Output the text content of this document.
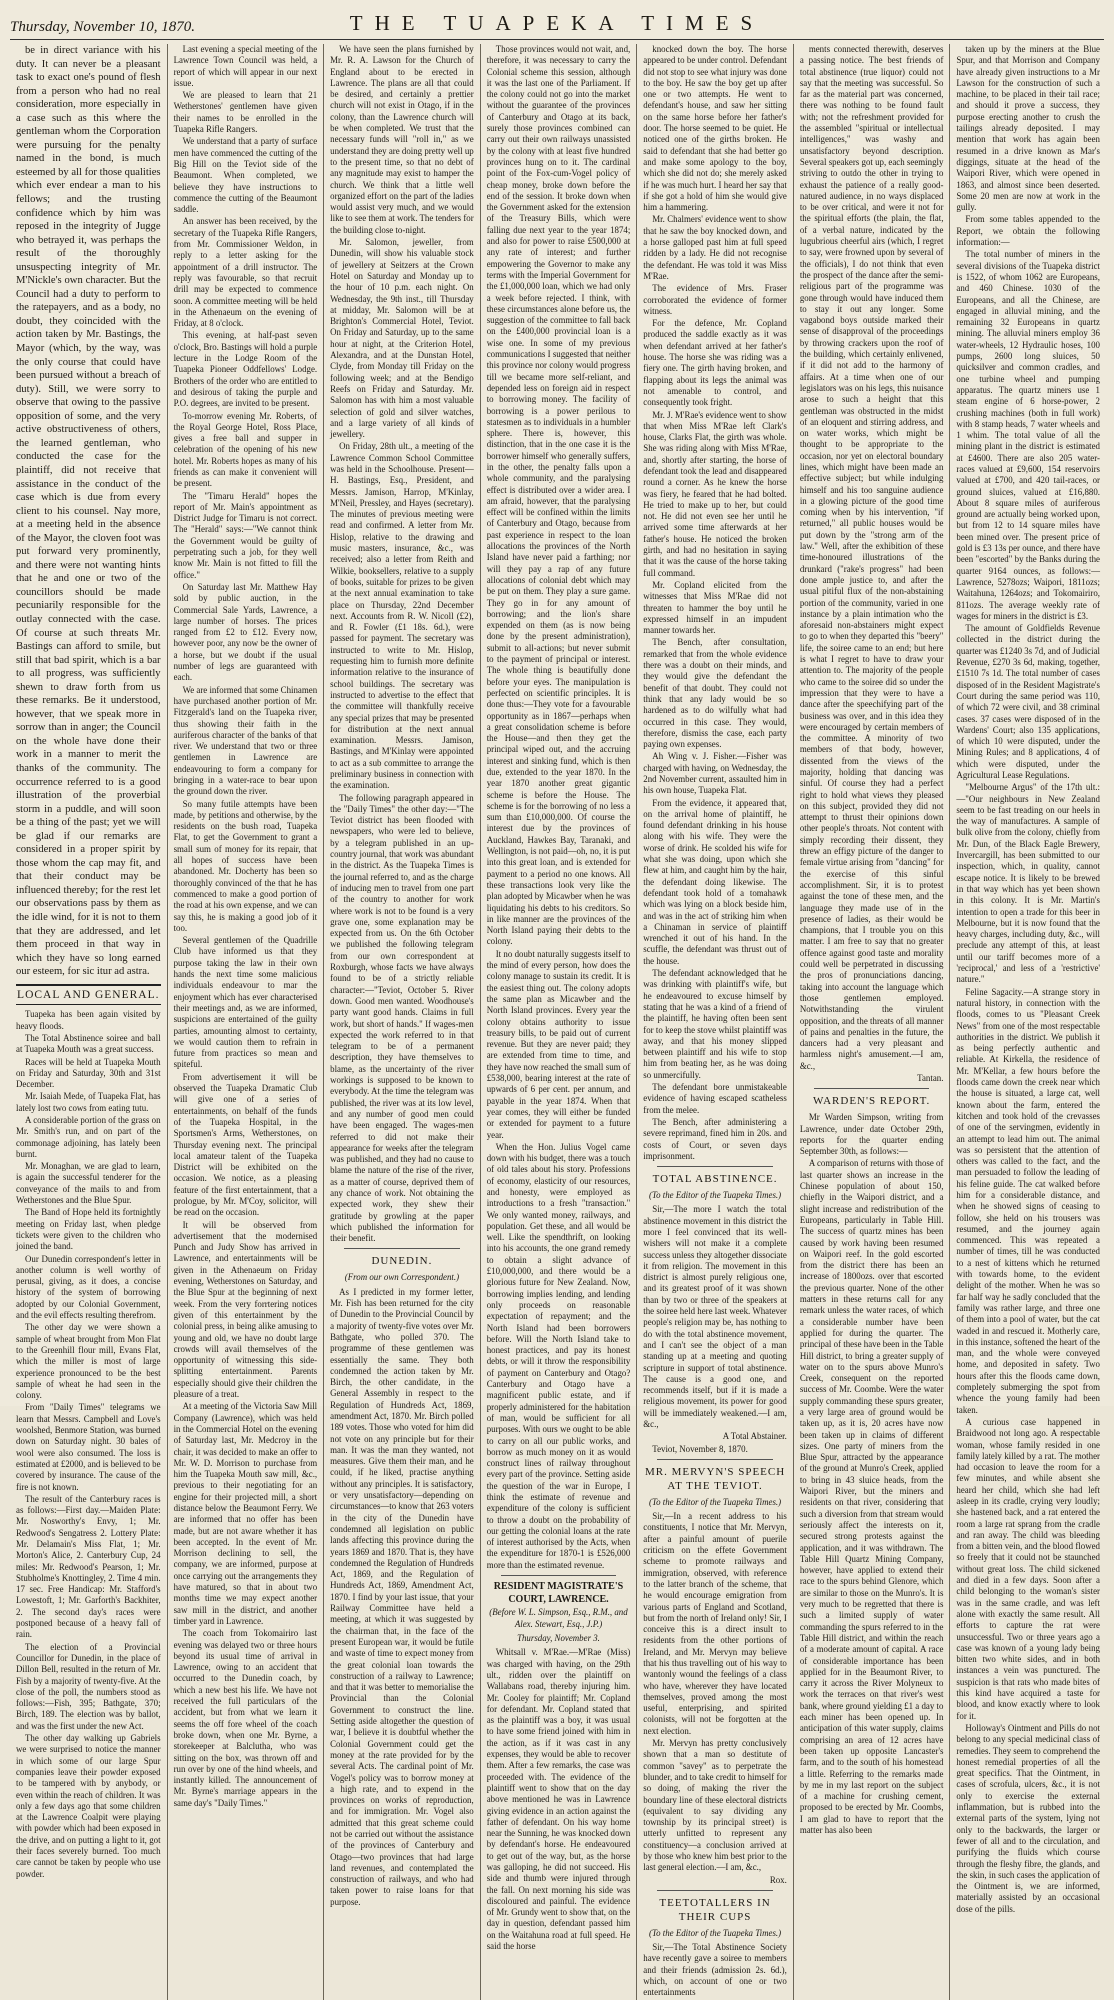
Thursday, November 10, 1870.	THE TUAPEKA TIMES

be in direct variance with his duty. It can never be a pleasant task to exact one's pound of flesh from a person who had no real consideration, more especially in a case such as this where the gentleman whom the Corporation were pursuing for the penalty named in the bond, is much esteemed by all for those qualities which ever endear a man to his fellows; and the trusting confidence which by him was reposed in the integrity of Jugge who betrayed it, was perhaps the result of the thoroughly unsuspecting integrity of Mr. M'Nickle's own character. But the Council had a duty to perform to the ratepayers, and as a body, no doubt, they coincided with the action taken by Mr. Bastings, the Mayor (which, by the way, was the only course that could have been pursued without a breach of duty). Still, we were sorry to observe that owing to the passive opposition of some, and the very active obstructiveness of others, the learned gentleman, who conducted the case for the plaintiff, did not receive that assistance in the conduct of the case which is due from every client to his counsel. Nay more, at a meeting held in the absence of the Mayor, the cloven foot was put forward very prominently, and there were not wanting hints that he and one or two of the councillors should be made pecuniarily responsible for the outlay connected with the case. Of course at such threats Mr. Bastings can afford to smile, but still that bad spirit, which is a bar to all progress, was sufficiently shewn to draw forth from us these remarks. Be it understood, however, that we speak more in sorrow than in anger; the Council on the whole have done their work in a manner to merit the thanks of the community. The occurrence referred to is a good illustration of the proverbial storm in a puddle, and will soon be a thing of the past; yet we will be glad if our remarks are considered in a proper spirit by those whom the cap may fit, and that their conduct may be influenced thereby; for the rest let our observations pass by them as the idle wind, for it is not to them that they are addressed, and let them proceed in that way in which they have so long earned our esteem, for sic itur ad astra.

LOCAL AND GENERAL.

Tuapeka has been again visited by heavy floods.

The Total Abstinence soiree and ball at Tuapeka Mouth was a great success.

Races will be held at Tuapeka Mouth on Friday and Saturday, 30th and 31st December.

Mr. Isaiah Mede, of Tuapeka Flat, has lately lost two cows from eating tutu.

A considerable portion of the grass on Mr. Smith's run, and on part of the commonage adjoining, has lately been burnt.

Mr. Monaghan, we are glad to learn, is again the successful tenderer for the conveyance of the mails to and from Wetherstones and the Blue Spur.

The Band of Hope held its fortnightly meeting on Friday last, when pledge tickets were given to the children who joined the band.

Our Dunedin correspondent's letter in another column is well worthy of perusal, giving, as it does, a concise history of the system of borrowing adopted by our Colonial Government, and the evil effects resulting therefrom.

The other day we were shown a sample of wheat brought from Mon Flat to the Greenhill flour mill, Evans Flat, which the miller is most of large experience pronounced to be the best sample of wheat he had seen in the colony.

From "Daily Times" telegrams we learn that Messrs. Campbell and Love's woolshed, Benmore Station, was burned down on Saturday night. 30 bales of wool were also consumed. The loss is estimated at £2000, and is believed to be covered by insurance. The cause of the fire is not known.

The result of the Canterbury races is as follows:—First day.—Maiden Plate: Mr. Nosworthy's Envy, 1; Mr. Redwood's Sengatress 2. Lottery Plate: Mr. Delamain's Miss Flat, 1; Mr. Morton's Alice, 2. Canterbury Cup, 24 miles: Mr. Redwood's Pearson, 1; Mr. Stubholme's Knottingley, 2. Time 4 min. 17 sec. Free Handicap: Mr. Stafford's Lowestoft, 1; Mr. Garforth's Backhiter, 2. The second day's races were postponed because of a heavy fall of rain.

The election of a Provincial Councillor for Dunedin, in the place of Dillon Bell, resulted in the return of Mr. Fish by a majority of twenty-five. At the close of the poll, the numbers stood as follows:—Fish, 395; Bathgate, 370; Birch, 189. The election was by ballot, and was the first under the new Act.

The other day walking up Gabriels we were surprised to notice the manner in which some of our large Spur companies leave their powder exposed to be tampered with by anybody, or even within the reach of children. It was only a few days ago that some children at the Lawrence Coalpit were playing with powder which had been exposed in the drive, and on putting a light to it, got their faces severely burned. Too much care cannot be taken by people who use powder.

Last evening a special meeting of the Lawrence Town Council was held, a report of which will appear in our next issue.

We are pleased to learn that 21 Wetherstones' gentlemen have given their names to be enrolled in the Tuapeka Rifle Rangers.

We understand that a party of surface men have commenced the cutting of the Big Hill on the Teviot side of the Beaumont. When completed, we believe they have instructions to commence the cutting of the Beaumont saddle.

An answer has been received, by the secretary of the Tuapeka Rifle Rangers, from Mr. Commissioner Weldon, in reply to a letter asking for the appointment of a drill instructor. The reply was favourable, so that recruit drill may be expected to commence soon. A committee meeting will be held in the Athenaeum on the evening of Friday, at 8 o'clock.

This evening, at half-past seven o'clock, Bro. Bastings will hold a purple lecture in the Lodge Room of the Tuapeka Pioneer Oddfellows' Lodge. Brothers of the order who are entitled to and desirous of taking the purple and P.O. degrees, are invited to be present.

To-morrow evening Mr. Roberts, of the Royal George Hotel, Ross Place, gives a free ball and supper in celebration of the opening of his new hotel. Mr. Roberts hopes as many of his friends as can make it convenient will be present.

The "Timaru Herald" hopes the report of Mr. Main's appointment as District Judge for Timaru is not correct. The "Herald" says:—"We cannot think the Government would be guilty of perpetrating such a job, for they well know Mr. Main is not fitted to fill the office."

On Saturday last Mr. Matthew Hay sold by public auction, in the Commercial Sale Yards, Lawrence, a large number of horses. The prices ranged from £2 to £12. Every now, however poor, any now be the owner of a horse, but we doubt if the usual number of legs are guaranteed with each.

We are informed that some Chinamen have purchased another portion of Mr. Fitzgerald's land on the Tuapeka river, thus showing their faith in the auriferous character of the banks of that river. We understand that two or three gentlemen in Lawrence are endeavouring to form a company for bringing in a water-race to bear upon the ground down the river.

So many futile attempts have been made, by petitions and otherwise, by the residents on the bush road, Tuapeka Flat, to get the Government to grant a small sum of money for its repair, that all hopes of success have been abandoned. Mr. Docherty has been so thoroughly convinced of the that he has commenced to make a good portion of the road at his own expense, and we can say this, he is making a good job of it too.

Several gentlemen of the Quadrille Club have informed us that they purpose taking the law in their own hands the next time some malicious individuals endeavour to mar the enjoyment which has ever characterised their meetings and, as we are informed, suspicions are entertained of the guilty parties, amounting almost to certainty, we would caution them to refrain in future from practices so mean and spiteful.

From advertisement it will be observed the Tuapeka Dramatic Club will give one of a series of entertainments, on behalf of the funds of the Tuapeka Hospital, in the Sportsmen's Arms, Wetherstones, on Thursday evening next. The principal local amateur talent of the Tuapeka District will be exhibited on the occasion. We notice, as a pleasing feature of the first entertainment, that a prologue, by Mr. M'Coy, solicitor, will be read on the occasion.

It will be observed from advertisement that the modernised Punch and Judy Show has arrived in Lawrence, and entertainments will be given in the Athenaeum on Friday evening, Wetherstones on Saturday, and the Blue Spur at the beginning of next week. From the very forrtering notices given of this entertainment by the colonial press, in being alike amusing to young and old, we have no doubt large crowds will avail themselves of the opportunity of witnessing this side-splitting entertainment. Parents especially should give their children the pleasure of a treat.

At a meeting of the Victoria Saw Mill Company (Lawrence), which was held in the Commercial Hotel on the evening of Saturday last, Mr. Medcroy in the chair, it was decided to make an offer to Mr. W. D. Morrison to purchase from him the Tuapeka Mouth saw mill, &c., previous to their negotiating for an engine for their projected mill, a short distance below the Beaumont Ferry. We are informed that no offer has been made, but are not aware whether it has been accepted. In the event of Mr. Morrison declining to sell, the company, we are informed, purpose at once carrying out the arrangements they have matured, so that in about two months time we may expect another saw mill in the district, and another timber yard in Lawrence.

The coach from Tokomairiro last evening was delayed two or three hours beyond its usual time of arrival in Lawrence, owing to an accident that occurred to the Dunedin coach, by which a new best his life. We have not received the full particulars of the accident, but from what we learn it seems the off fore wheel of the coach broke down, when one Mr. Byrne, a storekeeper at Balclutha, who was sitting on the box, was thrown off and run over by one of the hind wheels, and instantly killed. The announcement of Mr. Byrne's marriage appears in the same day's "Daily Times."

We have seen the plans furnished by Mr. R. A. Lawson for the Church of England about to be erected in Lawrence. The plans are all that could be desired, and certainly a prettier church will not exist in Otago, if in the colony, than the Lawrence church will be when completed. We trust that the necessary funds will "roll in," as we understand they are doing pretty well up to the present time, so that no debt of any magnitude may exist to hamper the church. We think that a little well organized effort on the part of the ladies would assist very much, and we would like to see them at work. The tenders for the building close to-night.

Mr. Salomon, jeweller, from Dunedin, will show his valuable stock of jewellery at Seitzers at the Crown Hotel on Saturday and Monday up to the hour of 10 p.m. each night. On Wednesday, the 9th inst., till Thursday at midday, Mr. Salomon will be at Brighton's Commercial Hotel, Teviot. On Friday and Saturday, up to the same hour at night, at the Criterion Hotel, Alexandra, and at the Dunstan Hotel, Clyde, from Monday till Friday on the following week; and at the Bendigo Reefs on Friday and Saturday. Mr. Salomon has with him a most valuable selection of gold and silver watches, and a large variety of all kinds of jewellery.

On Friday, 28th ult., a meeting of the Lawrence Common School Committee was held in the Schoolhouse. Present—H. Bastings, Esq., President, and Messrs. Jamison, Harrop, M'Kinlay, M'Neil, Pressley, and Hayes (secretary). The minutes of previous meeting were read and confirmed. A letter from Mr. Hislop, relative to the drawing and music masters, insurance, &c., was received; also a letter from Reith and Wilkie, booksellers, relative to a supply of books, suitable for prizes to be given at the next annual examination to take place on Thursday, 22nd December next. Accounts from R. W. Nicoll (£2), and R. Fowler (£1 18s. 6d.), were passed for payment. The secretary was instructed to write to Mr. Hislop, requesting him to furnish more definite information relative to the insurance of school buildings. The secretary was instructed to advertise to the effect that the committee will thankfully receive any special prizes that may be presented for distribution at the next annual examination. Messrs. Jamison, Bastings, and M'Kinlay were appointed to act as a sub committee to arrange the preliminary business in connection with the examination.

The following paragraph appeared in the "Daily Times" the other day:—"The Teviot district has been flooded with newspapers, who were led to believe, by a telegram published in an up-country journal, that work was abundant in the district. As the Tuapeka Times is the journal referred to, and as the charge of inducing men to travel from one part of the country to another for work where work is not to be found is a very grave one, some explanation may be expected from us. On the 6th October we published the following telegram from our own correspondent at Roxburgh, whose facts we have always found to be of a strictly reliable character:—"Teviot, October 5. River down. Good men wanted. Woodhouse's party want good hands. Claims in full work, but short of hands." If wages-men expected the work referred to in that telegram to be of a permanent description, they have themselves to blame, as the uncertainty of the river workings is supposed to be known to everybody. At the time the telegram was published, the river was at its low level, and any number of good men could have been engaged. The wages-men referred to did not make their appearance for weeks after the telegram was published, and they had no cause to blame the nature of the rise of the river, as a matter of course, deprived them of any chance of work. Not obtaining the expected work, they shew their gratitude by growling at the paper which published the information for their benefit.

DUNEDIN.

(From our own Correspondent.)

As I predicted in my former letter, Mr. Fish has been returned for the city of Dunedin to the Provincial Council by a majority of twenty-five votes over Mr. Bathgate, who polled 370. The programme of these gentlemen was essentially the same. They both condemned the action taken by Mr. Birch, the other candidate, in the General Assembly in respect to the Regulation of Hundreds Act, 1869, amendment Act, 1870. Mr. Birch polled 189 votes. Those who voted for him did not vote on any principle but for their man. It was the man they wanted, not measures. Give them their man, and he could, if he liked, practise anything without any principles. It is satisfactory, or very unsatisfactory—depending on circumstances—to know that 263 voters in the city of the Dunedin have condemned all legislation on public lands affecting this province during the years 1869 and 1870. That is, they have condemned the Regulation of Hundreds Act, 1869, and the Regulation of Hundreds Act, 1869, Amendment Act, 1870. I find by your last issue, that your Railway Committee have held a meeting, at which it was suggested by the chairman that, in the face of the present European war, it would be futile and waste of time to expect money from the great colonial loan towards the construction of a railway to Lawrence; and that it was better to memorialise the Provincial than the Colonial Government to construct the line. Setting aside altogether the question of war, I believe it is doubtful whether the Colonial Government could get the money at the rate provided for by the several Acts. The cardinal point of Mr. Vogel's policy was to borrow money at a high rate, and to expend in the provinces on works of reproduction, and for immigration. Mr. Vogel also admitted that this great scheme could not be carried out without the assistance of the provinces of Canterbury and Otago—two provinces that had large land revenues, and contemplated the construction of railways, and who had taken power to raise loans for that purpose.

Those provinces would not wait, and, therefore, it was necessary to carry the Colonial scheme this session, although it was the last one of the Parliament. If the colony could not go into the market without the guarantee of the provinces of Canterbury and Otago at its back, surely those provinces combined can carry out their own railways unassisted by the colony with at least five hundred provinces hung on to it. The cardinal point of the Fox-cum-Vogel policy of cheap money, broke down before the end of the session. It broke down when the Government asked for the extension of the Treasury Bills, which were falling due next year to the year 1874; and also for power to raise £500,000 at any rate of interest; and further empowering the Governor to make any terms with the Imperial Government for the £1,000,000 loan, which we had only a week before rejected. I think, with these circumstances alone before us, the suggestion of the committee to fall back on the £400,000 provincial loan is a wise one. In some of my previous communications I suggested that neither this province nor colony would progress till we became more self-reliant, and depended less on foreign aid in respect to borrowing money. The facility of borrowing is a power perilous to statesmen as to individuals in a humbler sphere. There is, however, this distinction, that in the one case it is the borrower himself who generally suffers, in the other, the penalty falls upon a whole community, and the paralysing effect is distributed over a wider area. I am afraid, however, that the paralysing effect will be confined within the limits of Canterbury and Otago, because from past experience in respect to the loan allocations the provinces of the North Island have never paid a farthing; nor will they pay a rap of any future allocations of colonial debt which may be put on them. They play a sure game. They go in for any amount of borrowing; and the lion's share expended on them (as is now being done by the present administration), submit to all-actions; but never submit to the payment of principal or interest. The whole thing is beautifully done before your eyes. The manipulation is perfected on scientific principles. It is done thus:—They vote for a favourable opportunity as in 1867—perhaps when a great consolidation scheme is before the House—and then they get the principal wiped out, and the accruing interest and sinking fund, which is then due, extended to the year 1870. In the year 1870 another great gigantic scheme is before the House. The scheme is for the borrowing of no less a sum than £10,000,000. Of course the interest due by the provinces of Auckland, Hawkes Bay, Taranaki, and Wellington, is not paid—oh, no, it is put into this great loan, and is extended for payment to a period no one knows. All these transactions look very like the plan adopted by Micawber when he was liquidating his debts to his creditors. So in like manner are the provinces of the North Island paying their debts to the colony.

It no doubt naturally suggests itself to the mind of every person, how does the colony manage to sustain its credit. It is the easiest thing out. The colony adopts the same plan as Micawber and the North Island provinces. Every year the colony obtains authority to issue treasury bills, to be paid out of current revenue. But they are never paid; they are extended from time to time, and they have now reached the small sum of £538,000, bearing interest at the rate of upwards of 6 per cent. per annum, and payable in the year 1874. When that year comes, they will either be funded or extended for payment to a future year.

When the Hon. Julius Vogel came down with his budget, there was a touch of old tales about his story. Professions of economy, elasticity of our resources, and honesty, were employed as introductions to a fresh "transaction." We only wanted money, railways, and population. Get these, and all would be well. Like the spendthrift, on looking into his accounts, the one grand remedy to obtain a slight advance of £10,000,000, and there would be a glorious future for New Zealand. Now, borrowing implies lending, and lending only proceeds on reasonable expectation of repayment; and the North Island had been borrowers before. Will the North Island take to honest practices, and pay its honest debts, or will it throw the responsibility of payment on Canterbury and Otago? Canterbury and Otago have a magnificent public estate, and if properly administered for the habitation of man, would be sufficient for all purposes. With ours we ought to be able to carry on all our public works, and borrow as much money on it as would construct lines of railway throughout every part of the province. Setting aside the question of the war in Europe, I think the estimate of revenue and expenditure of the colony is sufficient to throw a doubt on the probability of our getting the colonial loans at the rate of interest authorised by the Acts, when the expenditure for 1870-1 is £526,000 more than the estimated revenue.

RESIDENT MAGISTRATE'S COURT, LAWRENCE.

(Before W. L. Simpson, Esq., R.M., and Alex. Stewart, Esq., J.P.)

Thursday, November 3.

Whitsall v. M'Rae.—M'Rae (Miss) was charged with having, on the 29th ult., ridden over the plaintiff on Wallabans road, thereby injuring him. Mr. Cooley for plaintiff; Mr. Copland for defendant. Mr. Copland stated that as the plaintiff was a boy, it was usual to have some friend joined with him in the action, as if it was cast in any expenses, they would be able to recover them. After a few remarks, the case was proceeded with. The evidence of the plaintiff went to show that on the day above mentioned he was in Lawrence giving evidence in an action against the father of defendant. On his way home near the Sunning, he was knocked down by defendant's horse. He endeavoured to get out of the way, but, as the horse was galloping, he did not succeed. His side and thumb were injured through the fall. On next morning his side was discoloured and painful. The evidence of Mr. Grundy went to show that, on the day in question, defendant passed him on the Waitahuna road at full speed. He said the horse

knocked down the boy. The horse appeared to be under control. Defendant did not stop to see what injury was done to the boy. He saw the boy get up after one or two attempts. He went to defendant's house, and saw her sitting on the same horse before her father's door. The horse seemed to be quiet. He noticed one of the girths broken. He said to defendant that she had better go and make some apology to the boy, which she did not do; she merely asked if he was much hurt. I heard her say that if she got a hold of him she would give him a hammering.

Mr. Chalmers' evidence went to show that he saw the boy knocked down, and a horse galloped past him at full speed ridden by a lady. He did not recognise the defendant. He was told it was Miss M'Rae.

The evidence of Mrs. Fraser corroborated the evidence of former witness.

For the defence, Mr. Copland produced the saddle exactly as it was when defendant arrived at her father's house. The horse she was riding was a fiery one. The girth having broken, and flapping about its legs the animal was not amenable to control, and consequently took fright.

Mr. J. M'Rae's evidence went to show that when Miss M'Rae left Clark's house, Clarks Flat, the girth was whole. She was riding along with Miss M'Rae, and, shortly after starting, the horse of defendant took the lead and disappeared round a corner. As he knew the horse was fiery, he feared that he had bolted. He tried to make up to her, but could not. He did not even see her until he arrived some time afterwards at her father's house. He noticed the broken girth, and had no hesitation in saying that it was the cause of the horse taking full command.

Mr. Copland elicited from the witnesses that Miss M'Rae did not threaten to hammer the boy until he expressed himself in an impudent manner towards her.

The Bench, after consultation, remarked that from the whole evidence there was a doubt on their minds, and they would give the defendant the benefit of that doubt. They could not think that any lady would be so hardened as to do wilfully what had occurred in this case. They would, therefore, dismiss the case, each party paying own expenses.

Ah Wing v. J. Fisher.—Fisher was charged with having, on Wednesday, the 2nd November current, assaulted him in his own house, Tuapeka Flat.

From the evidence, it appeared that, on the arrival home of plaintiff, he found defendant drinking in his house along with his wife. They were the worse of drink. He scolded his wife for what she was doing, upon which she flew at him, and caught him by the hair, the defendant doing likewise. The defendant took hold of a tomahawk which was lying on a block beside him, and was in the act of striking him when a Chinaman in service of plaintiff wrenched it out of his hand. In the scuffle, the defendant was thrust out of the house.

The defendant acknowledged that he was drinking with plaintiff's wife, but he endeavoured to excuse himself by stating that he was a kind of a friend of the plaintiff, he having often been sent for to keep the stove whilst plaintiff was away, and that his money slipped between plaintiff and his wife to stop him from beating her, as he was doing so unmercifully.

The defendant bore unmistakeable evidence of having escaped scatheless from the melee.

The Bench, after administering a severe reprimand, fined him in 20s. and costs of Court, or seven days imprisonment.

TOTAL ABSTINENCE.

(To the Editor of the Tuapeka Times.)

Sir,—The more I watch the total abstinence movement in this district the more I feel convinced that its well-wishers will not make it a complete success unless they altogether dissociate it from religion. The movement in this district is almost purely religious one, and its greatest proof of it was shown than by two or three of the speakers at the soiree held here last week. Whatever people's religion may be, has nothing to do with the total abstinence movement, and I can't see the object of a man standing up at a meeting and quoting scripture in support of total abstinence. The cause is a good one, and recommends itself, but if it is made a religious movement, its power for good will be immediately weakened.—I am, &c.,

A Total Abstainer.

Teviot, November 8, 1870.

MR. MERVYN'S SPEECH AT THE TEVIOT.

(To the Editor of the Tuapeka Times.)

Sir,—In a recent address to his constituents, I notice that Mr. Mervyn, after a painful amount of puerile criticism on the effete Government scheme to promote railways and immigration, observed, with reference to the latter branch of the scheme, that he would encourage emigration from various parts of England and Scotland, but from the north of Ireland only! Sir, I conceive this is a direct insult to residents from the other portions of Ireland, and Mr. Mervyn may believe that his thus travelling out of his way to wantonly wound the feelings of a class who have, wherever they have located themselves, proved among the most useful, enterprising, and spirited colonists, will not be forgotten at the next election.

Mr. Mervyn has pretty conclusively shown that a man so destitute of common "savey" as to perpetrate the blunder, and to take credit to himself for so doing, of making the river the boundary line of these electoral districts (equivalent to say dividing any township by its principal street) is utterly unfitted to represent any constituency—a conclusion arrived at by those who knew him best prior to the last general election.—I am, &c.,

Rox.

TEETOTALLERS IN THEIR CUPS

(To the Editor of the Tuapeka Times.)

Sir,—The Total Abstinence Society have recently gave a soiree to members and their friends (admission 2s. 6d.), which, on account of one or two entertainments

ments connected therewith, deserves a passing notice. The best friends of total abstinence (true liquor) could not say that the meeting was successful. So far as the material part was concerned, there was nothing to be found fault with; not the refreshment provided for the assembled "spiritual or intellectual intelligences," was washy and unsatisfactory beyond description. Several speakers got up, each seemingly striving to outdo the other in trying to exhaust the patience of a really good-natured audience, in no ways displaced to be over critical, and were it not for the spiritual efforts (the plain, the flat, of a verbal nature, indicated by the lugubrious cheerful airs (which, I regret to say, were frowned upon by several of the officials), I do not think that even the prospect of the dance after the semi-religious part of the programme was gone through would have induced them to stay it out any longer. Some vagabond boys outside marked their sense of disapproval of the proceedings by throwing crackers upon the roof of the building, which certainly enlivened, if it did not add to the harmony of affairs. At a time when one of our legislators was on his legs, this nuisance arose to such a height that this gentleman was obstructed in the midst of an eloquent and stirring address, and on water works, which might be thought to be appropriate to the occasion, nor yet on electoral boundary lines, which might have been made an effective subject; but while indulging himself and his too sanguine audience in a glowing picture of the good time coming when by his intervention, "if returned," all public houses would be put down by the "strong arm of the law." Well, after the exhibition of these time-honoured illustrations of the drunkard ("rake's progress" had been done ample justice to, and after the usual pitiful flux of the non-abstaining portion of the community, varied in one instance by a plain intimation who the aforesaid non-abstainers might expect to go to when they departed this "beery" life, the soiree came to an end; but here is what I regret to have to draw your attention to. The majority of the people who came to the soiree did so under the impression that they were to have a dance after the speechifying part of the business was over, and in this idea they were encouraged by certain members of the committee. A minority of two members of that body, however, dissented from the views of the majority, holding that dancing was sinful. Of course they had a perfect right to hold what views they pleased on this subject, provided they did not attempt to thrust their opinions down other people's throats. Not content with simply recording their dissent, they threw an effigy picture of the danger to female virtue arising from "dancing" for the exercise of this sinful accomplishment. Sir, it is to protest against the tone of these men, and the language they made use of in the presence of ladies, as their would be champions, that I trouble you on this matter. I am free to say that no greater offence against good taste and morality could well be perpetrated in discussing the pros of pronunciations dancing, taking into account the language which those gentlemen employed. Notwithstanding the virulent opposition, and the threats of all manner of pains and penalties in the future, the dancers had a very pleasant and harmless night's amusement.—I am, &c.,

Tantan.

WARDEN'S REPORT.

Mr Warden Simpson, writing from Lawrence, under date October 29th, reports for the quarter ending September 30th, as follows:—

A comparison of returns with those of last quarter shows an increase in the Chinese population of about 150, chiefly in the Waipori district, and a slight increase and redistribution of the Europeans, particularly in Table Hill. The success of quartz mines has been caused by work having been resumed on Waipori reef. In the gold escorted from the district there has been an increase of 1800ozs. over that escorted the previous quarter. None of the other matters in these returns call for any remark unless the water races, of which a considerable number have been applied for during the quarter. The principal of these have been in the Table Hill district, to bring a greater supply of water on to the spurs above Munro's Creek, consequent on the reported success of Mr. Coombe. Were the water supply commanding these spurs greater, a very large area of ground would be taken up, as it is, 20 acres have now been taken up in claims of different sizes. One party of miners from the Blue Spur, attracted by the appearance of the ground at Munro's Creek, applied to bring in 43 sluice heads, from the Waipori River, but the miners and residents on that river, considering that such a diversion from that stream would seriously affect the interests on it, secured strong protests against the application, and it was withdrawn. The Table Hill Quartz Mining Company, however, have applied to extend their race to the spurs behind Glenore, which are similar to those on the Munro's. It is very much to be regretted that there is such a limited supply of water commanding the spurs referred to in the Table Hill district, and within the reach of a moderate amount of capital. A race of considerable importance has been applied for in the Beaumont River, to carry it across the River Molyneux to work the terraces on that river's west bank, where ground yielding £1 a day to each miner has been opened up. In anticipation of this water supply, claims comprising an area of 12 acres have been taken up opposite Lancaster's farm, and to the south of his homestead a little. Referring to the remarks made by me in my last report on the subject of a machine for crushing cement, proposed to be erected by Mr. Coombs, I am glad to have to report that the matter has also been

taken up by the miners at the Blue Spur, and that Morrison and Company have already given instructions to a Mr Lawson for the construction of such a machine, to be placed in their tail race; and should it prove a success, they purpose erecting another to crush the tailings already deposited. I may mention that work has again been resumed in a drive known as Mar's diggings, situate at the head of the Waipori River, which were opened in 1863, and almost since been deserted. Some 20 men are now at work in the gully.

From some tables appended to the Report, we obtain the following information:—

The total number of miners in the several divisions of the Tuapeka district is 1522, of whom 1062 are Europeans, and 460 Chinese. 1030 of the Europeans, and all the Chinese, are engaged in alluvial mining, and the remaining 32 Europeans in quartz mining. The alluvial miners employ 36 water-wheels, 12 Hydraulic hoses, 100 pumps, 2600 long sluices, 50 quicksilver and common cradles, and one turbine wheel and pumping apparatus. The quartz miners use 1 steam engine of 6 horse-power, 2 crushing machines (both in full work) with 8 stamp heads, 7 water wheels and 1 whim. The total value of all the mining plant in the district is estimated at £4600. There are also 205 water-races valued at £9,600, 154 reservoirs valued at £700, and 420 tail-races, or ground sluices, valued at £16,880. About 8 square miles of auriferous ground are actually being worked upon, but from 12 to 14 square miles have been mined over. The present price of gold is £3 13s per ounce, and there have been "escorted" by the Banks during the quarter 9164 ounces, as follows:—Lawrence, 5278ozs; Waipori, 1811ozs; Waitahuna, 1264ozs; and Tokomairiro, 811ozs. The average weekly rate of wages for miners in the district is £3.

The amount of Goldfields Revenue collected in the district during the quarter was £1240 3s 7d, and of Judicial Revenue, £270 3s 6d, making, together, £1510 7s 1d. The total number of cases disposed of in the Resident Magistrate's Court during the same period was 110, of which 72 were civil, and 38 criminal cases. 37 cases were disposed of in the Wardens' Court; also 135 applications, of which 10 were disputed, under the Mining Rules; and 8 applications, 4 of which were disputed, under the Agricultural Lease Regulations.

"Melbourne Argus" of the 17th ult.:—"Our neighbours in New Zealand seem to be fast treading on our heels in the way of manufactures. A sample of bulk olive from the colony, chiefly from Mr. Dun, of the Black Eagle Brewery, Invercargill, has been submitted to our inspection, which, in quality, cannot escape notice. It is likely to be brewed in that way which has yet been shown in this colony. It is Mr. Martin's intention to open a trade for this beer in Melbourne, but it is now found that the heavy charges, including duty, &c., will preclude any attempt of this, at least until our tariff becomes more of a 'reciprocal,' and less of a 'restrictive' nature."

Feline Sagacity.—A strange story in natural history, in connection with the floods, comes to us "Pleasant Creek News" from one of the most respectable authorities in the district. We publish it as being perfectly authentic and reliable. At Kirkella, the residence of Mr. M'Kellar, a few hours before the floods came down the creek near which the house is situated, a large cat, well known about the farm, entered the kitchen and took hold of the crevasses of one of the servingmen, evidently in an attempt to lead him out. The animal was so persistent that the attention of others was called to the fact, and the man persuaded to follow the leading of his feline guide. The cat walked before him for a considerable distance, and when he showed signs of ceasing to follow, she held on his trousers was resumed, and the journey again commenced. This was repeated a number of times, till he was conducted to a nest of kittens which he returned with towards home, to the evident delight of the mother. When he was so far half way he sadly concluded that the family was rather large, and three one of them into a pool of water, but the cat waded in and rescued it. Motherly care, in this instance, softened the heart of the man, and the whole were conveyed home, and deposited in safety. Two hours after this the floods came down, completely submerging the spot from whence the young family had been taken.

A curious case happened in Braidwood not long ago. A respectable woman, whose family resided in one family lately killed by a rat. The mother had occasion to leave the room for a few minutes, and while absent she heard her child, which she had left asleep in its cradle, crying very loudly; she hastened back, and a rat entered the room a large rat sprang from the cradle and ran away. The child was bleeding from a bitten vein, and the blood flowed so freely that it could not be staunched without great loss. The child sickened and died in a few days. Soon after a child belonging to the woman's sister was in the same cradle, and was left alone with exactly the same result. All efforts to capture the rat were unsuccessful. Two or three years ago a case was known of a young lady being bitten two white sides, and in both instances a vein was punctured. The suspicion is that rats who made bites of this kind have acquired a taste for blood, and know exactly where to look for it.

Holloway's Ointment and Pills do not belong to any special medicinal class of remedies. They seem to comprehend the honest remedial properties of all the great specifics. That the Ointment, in cases of scrofula, ulcers, &c., it is not only to exercise the external inflammation, but is rubbed into the external parts of the system, lying not only to the backwards, the larger or fewer of all and to the circulation, and purifying the fluids which course through the fleshy fibre, the glands, and the skin, in such cases the application of the Ointment is, we are informed, materially assisted by an occasional dose of the pills.
